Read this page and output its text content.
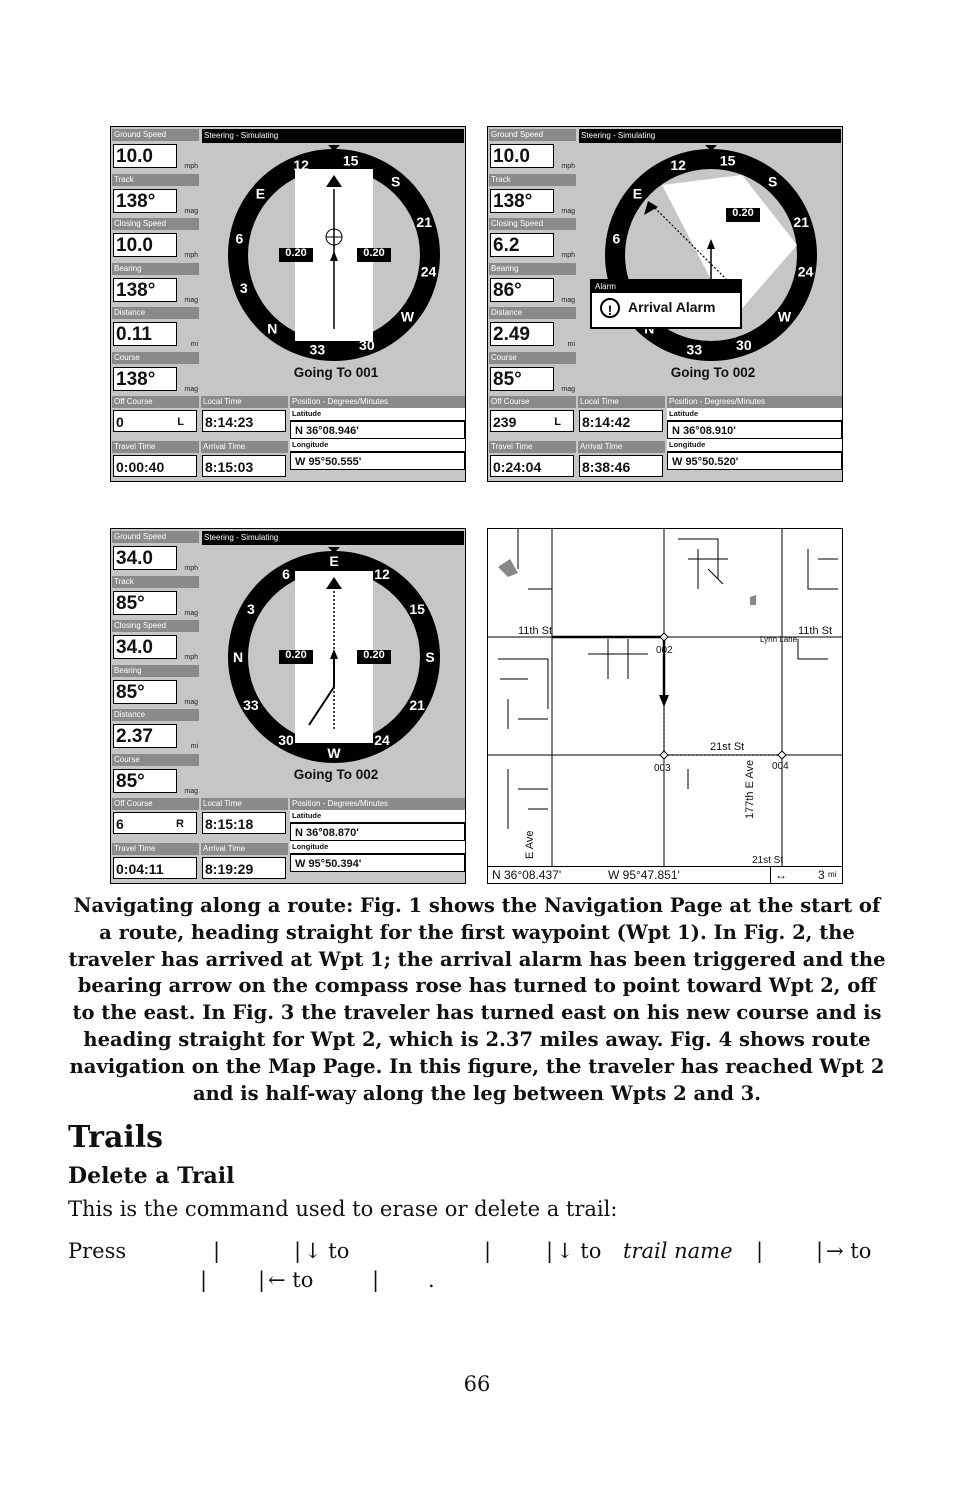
Ground Speed
10.0	mph
Track
138°	mag
Closing Speed
10.0	mph
Bearing
138°	mag
Distance
0.11	mi
Course
138°	mag
Steering - Simulating
12 15
S
21
24
W
30
33
N
3
6
E
0.20	0.20
Going To 001
Off Course
0	L
Travel Time
0:00:40
Local Time
8:14:23
Arrival Time
8:15:03
Position - Degrees/Minutes
Latitude
N 36°08.946'
Longitude
W 95°50.555'
Ground Speed
10.0	mph
Track
138°	mag
Closing Speed
6.2	mph
Bearing
86°	mag
Distance
2.49	mi
Course
85°	mag
Steering - Simulating
12 15
S
21
24
W
30
33
6
E
0.20
Alarm
!	Arrival Alarm
Going To 002
Off Course
239	L
Travel Time
0:24:04
Local Time
8:14:42
Arrival Time
8:38:46
Position - Degrees/Minutes
Latitude
N 36°08.910'
Longitude
W 95°50.520'
Ground Speed
34.0	mph
Track
85°	mag
Closing Speed
34.0	mph
Bearing
85°	mag
Distance
2.37	mi
Course
85°	mag
Steering - Simulating
E
12
15
S
21
24
W
30
33
N
3
6
0.20	0.20
Going To 002
Off Course
6	R
Travel Time
0:04:11
Local Time
8:15:18
Arrival Time
8:19:29
Position - Degrees/Minutes
Latitude
N 36°08.870'
Longitude
W 95°50.394'
11th St	11th St
Lynn Lane
002
21st St
003	004
177th E Ave
E Ave
21st St
N 36°08.437'	W 95°47.851'	↔	3 mi
Navigating along a route: Fig. 1 shows the Navigation Page at the start of a route, heading straight for the first waypoint (Wpt 1). In Fig. 2, the traveler has arrived at Wpt 1; the arrival alarm has been triggered and the bearing arrow on the compass rose has turned to point toward Wpt 2, off to the east. In Fig. 3 the traveler has turned east on his new course and is heading straight for Wpt 2, which is 2.37 miles away. Fig. 4 shows route navigation on the Map Page. In this figure, the traveler has reached Wpt 2 and is half-way along the leg between Wpts 2 and 3.
Trails
Delete a Trail
This is the command used to erase or delete a trail:
Press	|	| ↓ to	|	| ↓ to trail name |	| → to
| | ← to	| .
66
